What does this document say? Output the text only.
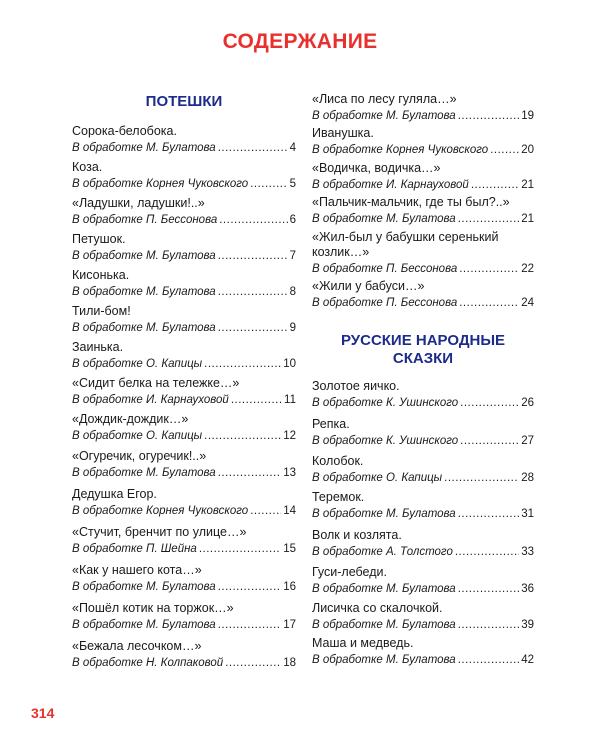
СОДЕРЖАНИЕ
ПОТЕШКИ
Сорока-белобока.
В обработке М. Булатова .....	4
Коза.
В обработке Корнея Чуковского .....	5
«Ладушки, ладушки!..»
В обработке П. Бессонова .....	6
Петушок.
В обработке М. Булатова .....	7
Кисонька.
В обработке М. Булатова .....	8
Тили-бом!
В обработке М. Булатова .....	9
Заинька.
В обработке О. Капицы .....	10
«Сидит белка на тележке…»
В обработке И. Карнауховой .....	11
«Дождик-дождик…»
В обработке О. Капицы .....	12
«Огуречик, огуречик!..»
В обработке М. Булатова .....	13
Дедушка Егор.
В обработке Корнея Чуковского .....	14
«Стучит, бренчит по улице…»
В обработке П. Шейна .....	15
«Как у нашего кота…»
В обработке М. Булатова .....	16
«Пошёл котик на торжок…»
В обработке М. Булатова .....	17
«Бежала лесочком…»
В обработке Н. Колпаковой .....	18
«Лиса по лесу гуляла…»
В обработке М. Булатова .....	19
Иванушка.
В обработке Корнея Чуковского .....	20
«Водичка, водичка…»
В обработке И. Карнауховой .....	21
«Пальчик-мальчик, где ты был?..»
В обработке М. Булатова .....	21
«Жил-был у бабушки серенький
козлик…»
В обработке П. Бессонова .....	22
«Жили у бабуси…»
В обработке П. Бессонова .....	24
РУССКИЕ НАРОДНЫЕ
СКАЗКИ
Золотое яичко.
В обработке К. Ушинского .....	26
Репка.
В обработке К. Ушинского .....	27
Колобок.
В обработке О. Капицы .....	28
Теремок.
В обработке М. Булатова .....	31
Волк и козлята.
В обработке А. Толстого .....	33
Гуси-лебеди.
В обработке М. Булатова .....	36
Лисичка со скалочкой.
В обработке М. Булатова .....	39
Маша и медведь.
В обработке М. Булатова .....	42
314
